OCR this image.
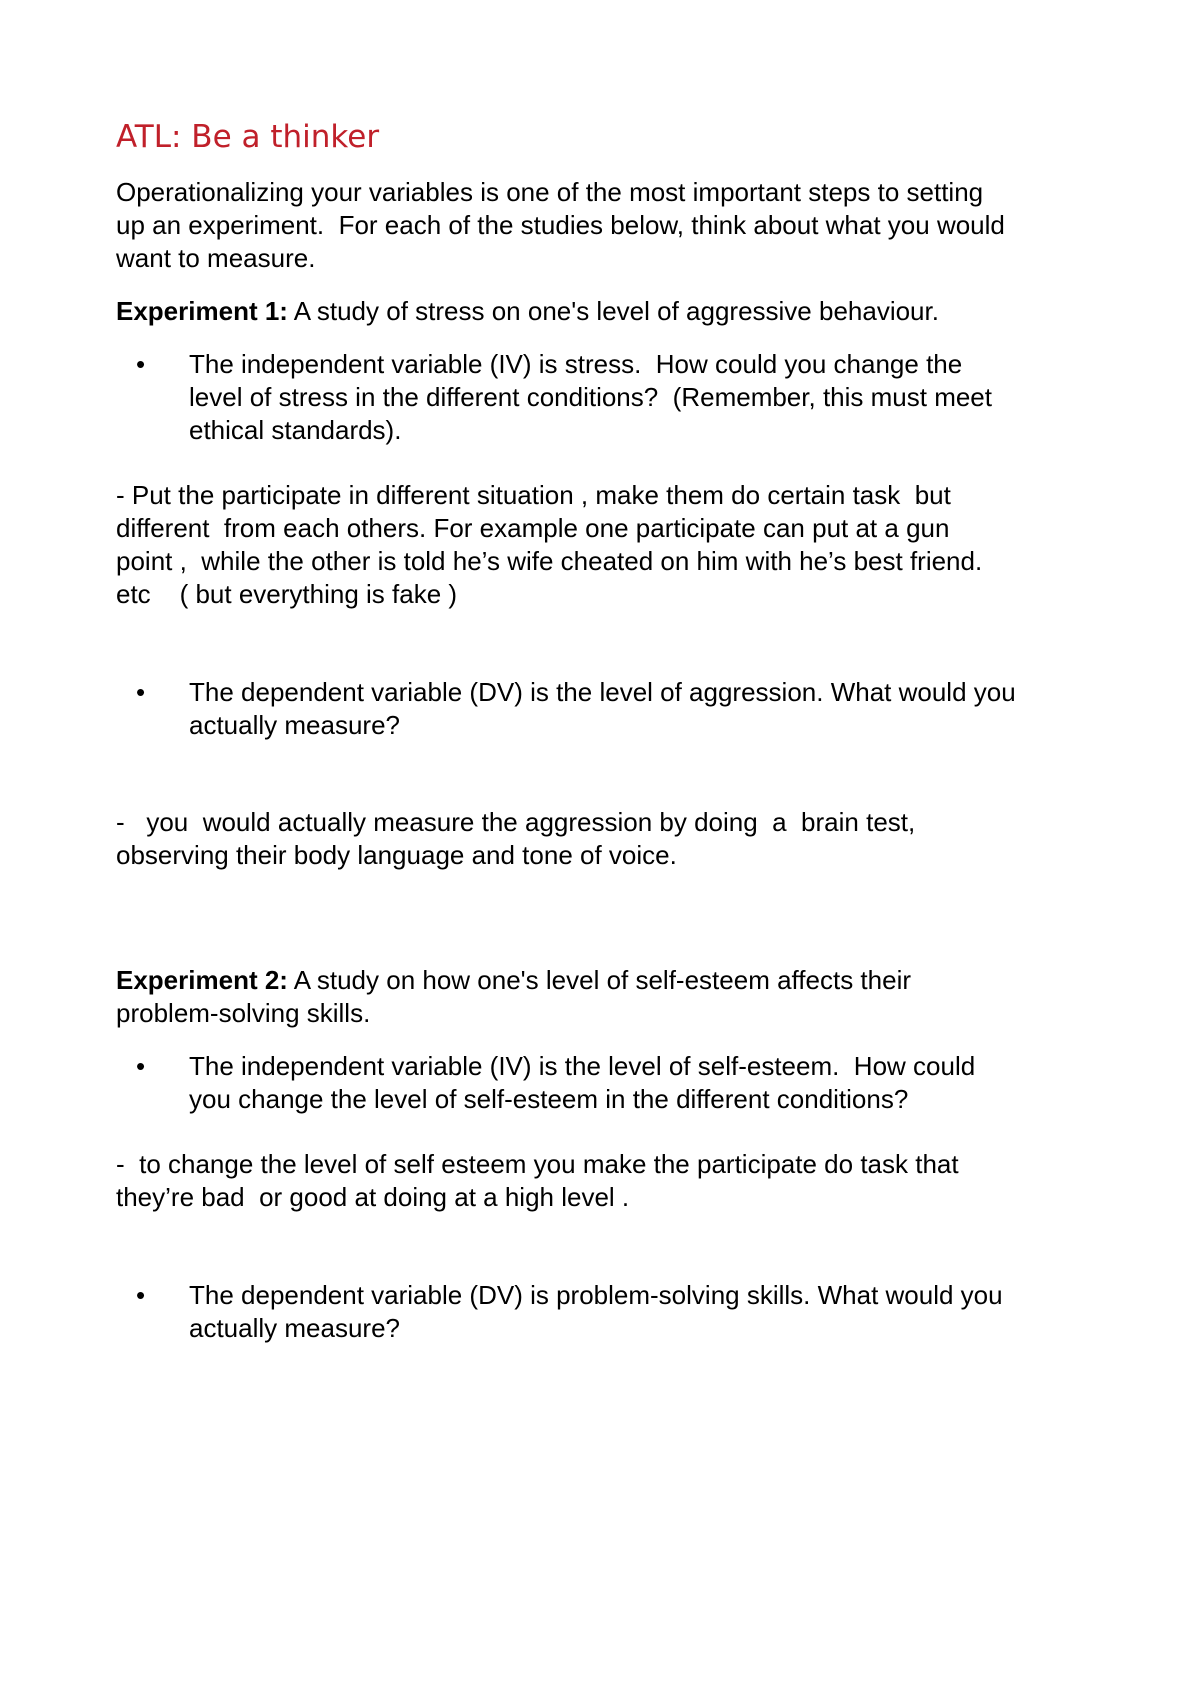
ATL: Be a thinker

Operationalizing your variables is one of the most important steps to setting

up an experiment.  For each of the studies below, think about what you would

want to measure.

Experiment 1: A study of stress on one's level of aggressive behaviour.

• The independent variable (IV) is stress.  How could you change the

level of stress in the different conditions?  (Remember, this must meet

ethical standards).

- Put the participate in different situation , make them do certain task  but

different  from each others. For example one participate can put at a gun

point ,  while the other is told he’s wife cheated on him with he’s best friend.

etc    ( but everything is fake )

• The dependent variable (DV) is the level of aggression. What would you

actually measure?

-   you  would actually measure the aggression by doing  a  brain test,

observing their body language and tone of voice.

Experiment 2: A study on how one's level of self-esteem affects their

problem-solving skills.

• The independent variable (IV) is the level of self-esteem.  How could

you change the level of self-esteem in the different conditions?

-  to change the level of self esteem you make the participate do task that

they’re bad  or good at doing at a high level .

• The dependent variable (DV) is problem-solving skills. What would you

actually measure?
